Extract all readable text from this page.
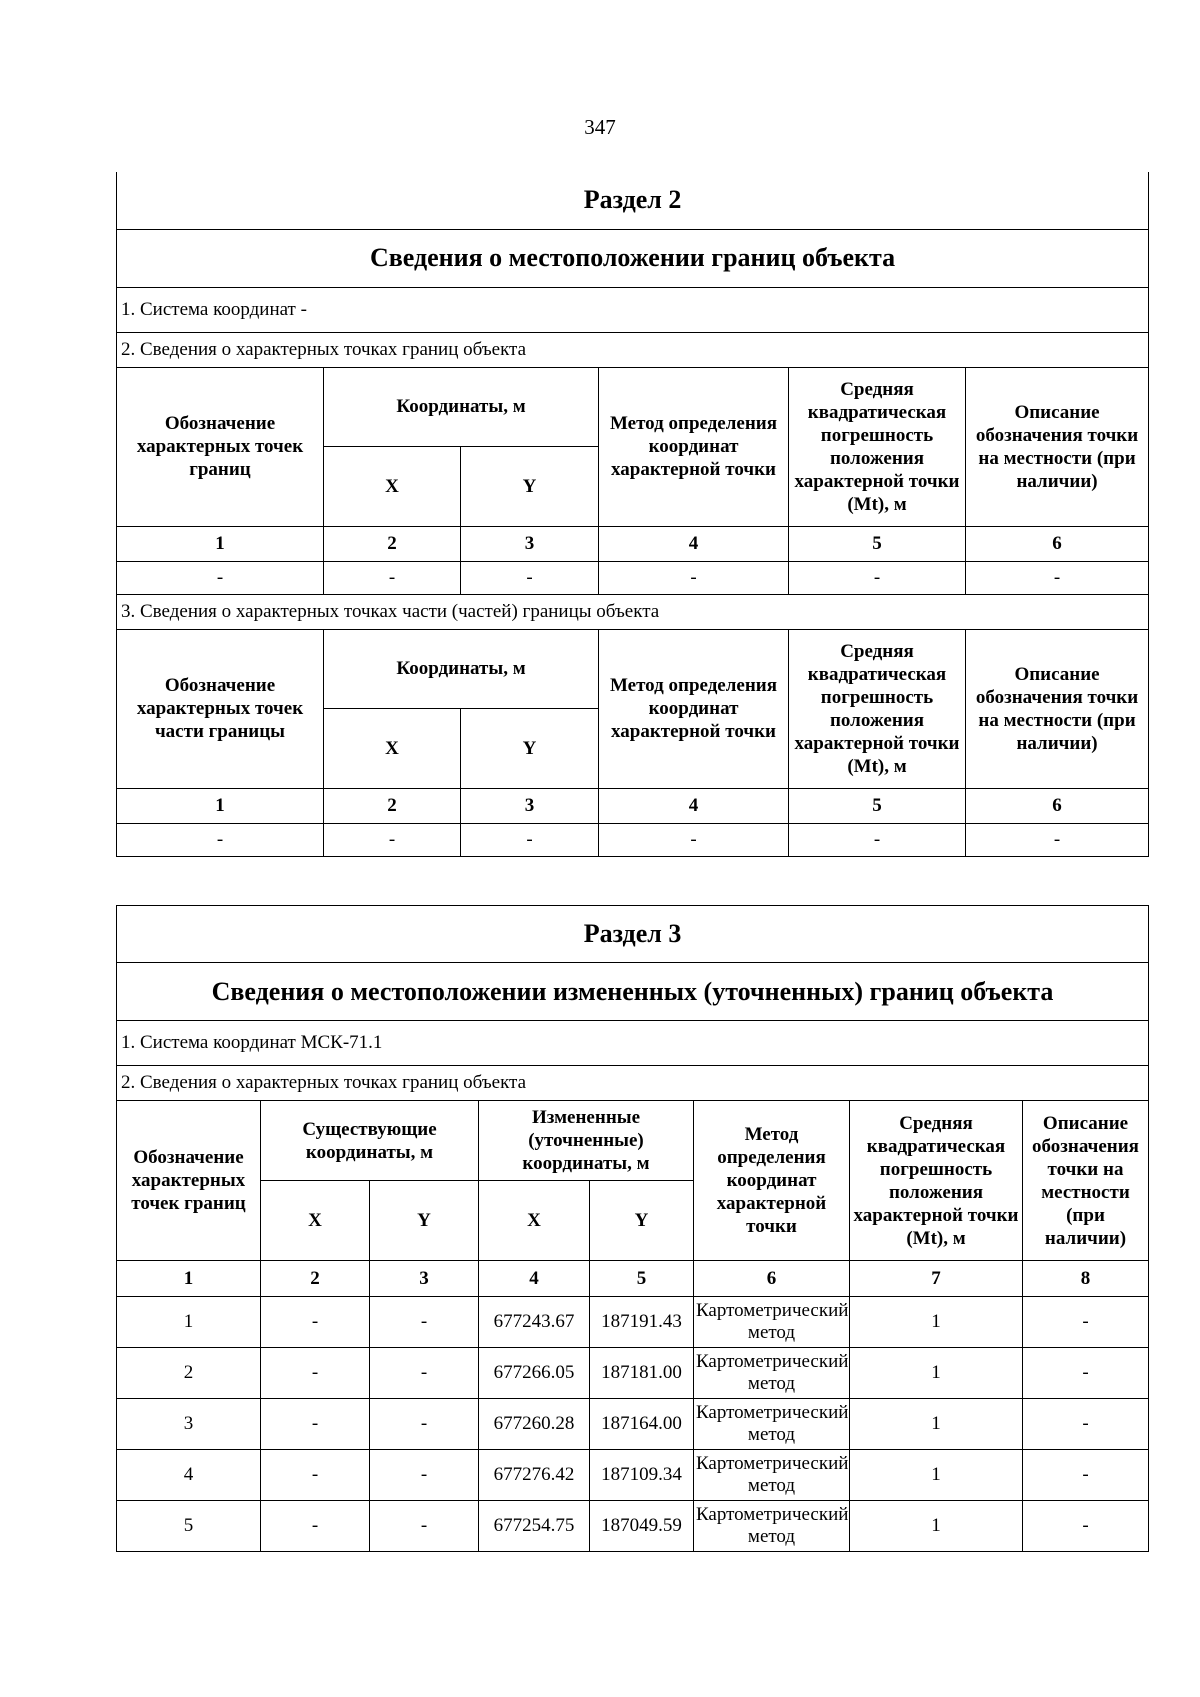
347
Раздел 2					
Сведения о местоположении границ объекта					
1. Система координат -					
2. Сведения о характерных точках границ объекта					
Обозначение характерных точек границ	Координаты, м		Метод определения координат характерной точки	Средняя квадратическая погрешность положения характерной точки (Mt), м	Описание обозначения точки на местности (при наличии)
	X	Y			
1	2	3	4	5	6
-	-	-	-	-	-
3. Сведения о характерных точках части (частей) границы объекта					
Обозначение характерных точек части границы	Координаты, м		Метод определения координат характерной точки	Средняя квадратическая погрешность положения характерной точки (Mt), м	Описание обозначения точки на местности (при наличии)
	X	Y			
1	2	3	4	5	6
-	-	-	-	-	-
Раздел 3							
Сведения о местоположении измененных (уточненных) границ объекта							
1. Система координат МСК-71.1							
2. Сведения о характерных точках границ объекта							
Обозначение характерных точек границ	Существующие координаты, м		Измененные (уточненные) координаты, м		Метод определения координат характерной точки	Средняя квадратическая погрешность положения характерной точки (Mt), м	Описание обозначения точки на местности (при наличии)
	X	Y	X	Y			
1	2	3	4	5	6	7	8
1	-	-	677243.67	187191.43	Картометрический метод	1	-
2	-	-	677266.05	187181.00	Картометрический метод	1	-
3	-	-	677260.28	187164.00	Картометрический метод	1	-
4	-	-	677276.42	187109.34	Картометрический метод	1	-
5	-	-	677254.75	187049.59	Картометрический метод	1	-
